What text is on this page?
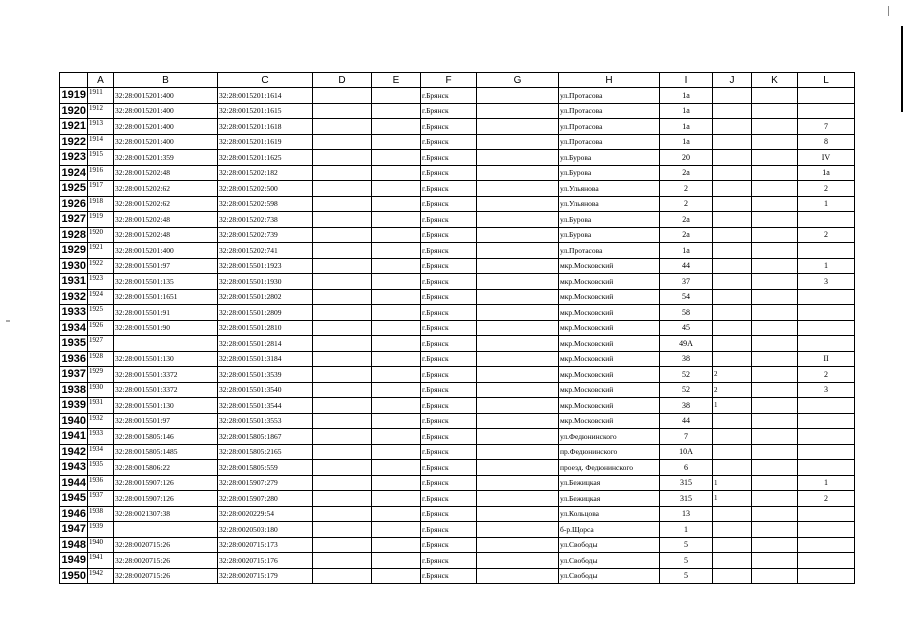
	A	B	C	D	E	F	G	H	I	J	K	L
1919	1911	32:28:0015201:400	32:28:0015201:1614			г.Брянск		ул.Протасова	1а			
1920	1912	32:28:0015201:400	32:28:0015201:1615			г.Брянск		ул.Протасова	1а			
1921	1913	32:28:0015201:400	32:28:0015201:1618			г.Брянск		ул.Протасова	1а			7
1922	1914	32:28:0015201:400	32:28:0015201:1619			г.Брянск		ул.Протасова	1а			8
1923	1915	32:28:0015201:359	32:28:0015201:1625			г.Брянск		ул.Бурова	20			IV
1924	1916	32:28:0015202:48	32:28:0015202:182			г.Брянск		ул.Бурова	2а			1а
1925	1917	32:28:0015202:62	32:28:0015202:500			г.Брянск		ул.Ульянова	2			2
1926	1918	32:28:0015202:62	32:28:0015202:598			г.Брянск		ул.Ульянова	2			1
1927	1919	32:28:0015202:48	32:28:0015202:738			г.Брянск		ул.Бурова	2а			
1928	1920	32:28:0015202:48	32:28:0015202:739			г.Брянск		ул.Бурова	2а			2
1929	1921	32:28:0015201:400	32:28:0015202:741			г.Брянск		ул.Протасова	1а			
1930	1922	32:28:0015501:97	32:28:0015501:1923			г.Брянск		мкр.Московский	44			1
1931	1923	32:28:0015501:135	32:28:0015501:1930			г.Брянск		мкр.Московский	37			3
1932	1924	32:28:0015501:1651	32:28:0015501:2802			г.Брянск		мкр.Московский	54			
1933	1925	32:28:0015501:91	32:28:0015501:2809			г.Брянск		мкр.Московский	58			
1934	1926	32:28:0015501:90	32:28:0015501:2810			г.Брянск		мкр.Московский	45			
1935	1927		32:28:0015501:2814			г.Брянск		мкр.Московский	49А			
1936	1928	32:28:0015501:130	32:28:0015501:3184			г.Брянск		мкр.Московский	38			II
1937	1929	32:28:0015501:3372	32:28:0015501:3539			г.Брянск		мкр.Московский	52	2		2
1938	1930	32:28:0015501:3372	32:28:0015501:3540			г.Брянск		мкр.Московский	52	2		3
1939	1931	32:28:0015501:130	32:28:0015501:3544			г.Брянск		мкр.Московский	38	1		
1940	1932	32:28:0015501:97	32:28:0015501:3553			г.Брянск		мкр.Московский	44			
1941	1933	32:28:0015805:146	32:28:0015805:1867			г.Брянск		ул.Федюнинского	7			
1942	1934	32:28:0015805:1485	32:28:0015805:2165			г.Брянск		пр.Федюнинского	10А			
1943	1935	32:28:0015806:22	32:28:0015805:559			г.Брянск		проезд. Федюнинского	6			
1944	1936	32:28:0015907:126	32:28:0015907:279			г.Брянск		ул.Бежицкая	315	1		1
1945	1937	32:28:0015907:126	32:28:0015907:280			г.Брянск		ул.Бежицкая	315	1		2
1946	1938	32:28:0021307:38	32:28:0020229:54			г.Брянск		ул.Кольцова	13			
1947	1939		32:28:0020503:180			г.Брянск		б-р.Щорса	1			
1948	1940	32:28:0020715:26	32:28:0020715:173			г.Брянск		ул.Свободы	5			
1949	1941	32:28:0020715:26	32:28:0020715:176			г.Брянск		ул.Свободы	5			
1950	1942	32:28:0020715:26	32:28:0020715:179			г.Брянск		ул.Свободы	5			
